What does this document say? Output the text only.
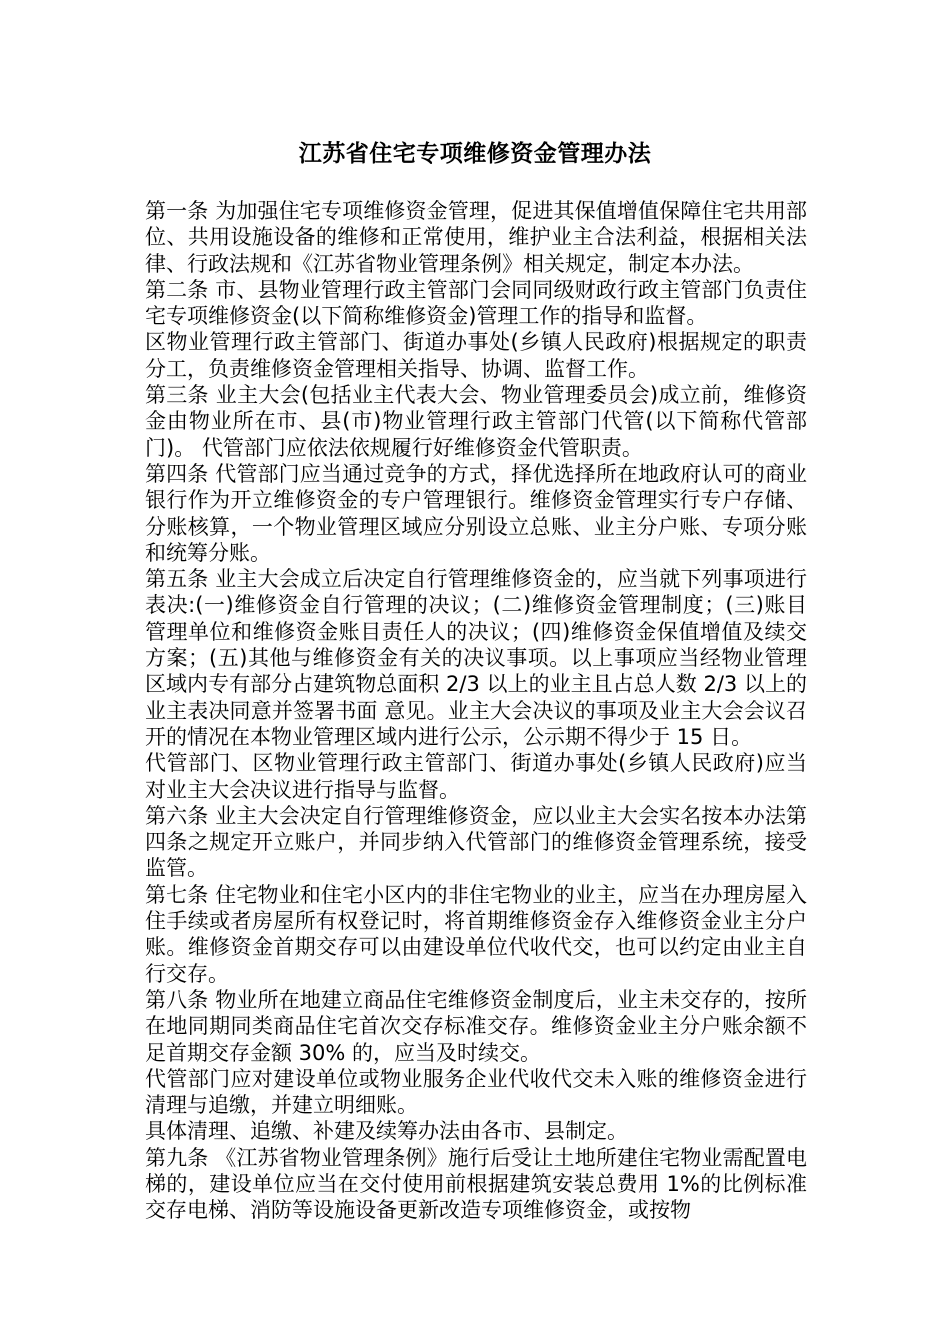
江苏省住宅专项维修资金管理办法

第一条 为加强住宅专项维修资金管理，促进其保值增值保障住宅共用部位、共用设施设备的维修和正常使用，维护业主合法利益，根据相关法律、行政法规和《江苏省物业管理条例》相关规定，制定本办法。

第二条 市、县物业管理行政主管部门会同同级财政行政主管部门负责住宅专项维修资金(以下简称维修资金)管理工作的指导和监督。

区物业管理行政主管部门、街道办事处(乡镇人民政府)根据规定的职责分工，负责维修资金管理相关指导、协调、监督工作。

第三条 业主大会(包括业主代表大会、物业管理委员会)成立前，维修资金由物业所在市、县(市)物业管理行政主管部门代管(以下简称代管部门)。 代管部门应依法依规履行好维修资金代管职责。

第四条 代管部门应当通过竞争的方式，择优选择所在地政府认可的商业银行作为开立维修资金的专户管理银行。维修资金管理实行专户存储、分账核算，一个物业管理区域应分别设立总账、业主分户账、专项分账和统筹分账。

第五条 业主大会成立后决定自行管理维修资金的，应当就下列事项进行表决:(一)维修资金自行管理的决议；(二)维修资金管理制度；(三)账目管理单位和维修资金账目责任人的决议；(四)维修资金保值增值及续交方案；(五)其他与维修资金有关的决议事项。以上事项应当经物业管理区域内专有部分占建筑物总面积 2/3 以上的业主且占总人数 2/3 以上的业主表决同意并签署书面 意见。业主大会决议的事项及业主大会会议召开的情况在本物业管理区域内进行公示，公示期不得少于 15 日。

代管部门、区物业管理行政主管部门、街道办事处(乡镇人民政府)应当对业主大会决议进行指导与监督。

第六条 业主大会决定自行管理维修资金，应以业主大会实名按本办法第四条之规定开立账户，并同步纳入代管部门的维修资金管理系统，接受监管。

第七条 住宅物业和住宅小区内的非住宅物业的业主，应当在办理房屋入住手续或者房屋所有权登记时，将首期维修资金存入维修资金业主分户账。维修资金首期交存可以由建设单位代收代交，也可以约定由业主自行交存。

第八条 物业所在地建立商品住宅维修资金制度后，业主未交存的，按所在地同期同类商品住宅首次交存标准交存。维修资金业主分户账余额不足首期交存金额 30% 的，应当及时续交。

代管部门应对建设单位或物业服务企业代收代交未入账的维修资金进行清理与追缴，并建立明细账。

具体清理、追缴、补建及续筹办法由各市、县制定。

第九条 《江苏省物业管理条例》施行后受让土地所建住宅物业需配置电梯的，建设单位应当在交付使用前根据建筑安装总费用 1%的比例标准交存电梯、消防等设施设备更新改造专项维修资金，或按物
